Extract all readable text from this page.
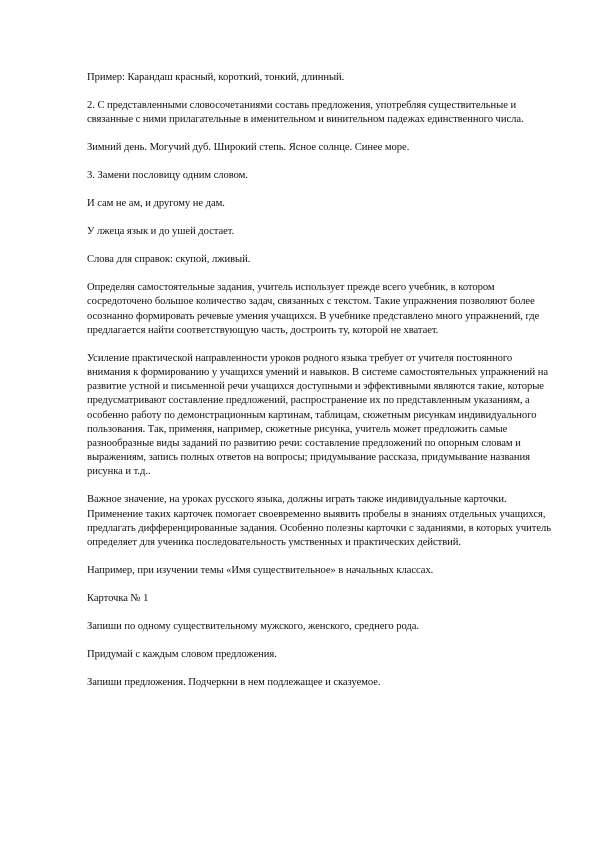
Пример: Карандаш красный, короткий, тонкий, длинный.

2. С представленными словосочетаниями составь предложения, употребляя существительные и связанные с ними прилагательные в именительном и винительном падежах единственного числа.

Зимний день. Могучий дуб. Широкий степь. Ясное солнце. Синее море.

3. Замени пословицу одним словом.

И сам не ам, и другому не дам.

У лжеца язык и до ушей достает.

Слова для справок: скупой, лживый.

Определяя самостоятельные задания, учитель использует прежде всего учебник, в котором сосредоточено большое количество задач, связанных с текстом. Такие упражнения позволяют более осознанно формировать речевые умения учащихся. В учебнике представлено много упражнений, где предлагается найти соответствующую часть, достроить ту, которой не хватает.

Усиление практической направленности уроков родного языка требует от учителя постоянного внимания к формированию у учащихся умений и навыков. В системе самостоятельных упражнений на развитие устной и письменной речи учащихся доступными и эффективными являются такие, которые предусматривают составление предложений, распространение их по представленным указаниям, а особенно работу по демонстрационным картинам, таблицам, сюжетным рисункам индивидуального пользования. Так, применяя, например, сюжетные рисунка, учитель может предложить самые разнообразные виды заданий по развитию речи: составление предложений по опорным словам и выражениям, запись полных ответов на вопросы; придумывание рассказа, придумывание названия рисунка и т.д..

Важное значение, на уроках русского языка, должны играть также индивидуальные карточки. Применение таких карточек помогает своевременно выявить пробелы в знаниях отдельных учащихся, предлагать дифференцированные задания. Особенно полезны карточки с заданиями, в которых учитель определяет для ученика последовательность умственных и практических действий.

Например, при изучении темы «Имя существительное» в начальных классах.

Карточка № 1

Запиши по одному существительному мужского, женского, среднего рода.

Придумай с каждым словом предложения.

Запиши предложения. Подчеркни в нем подлежащее и сказуемое.
